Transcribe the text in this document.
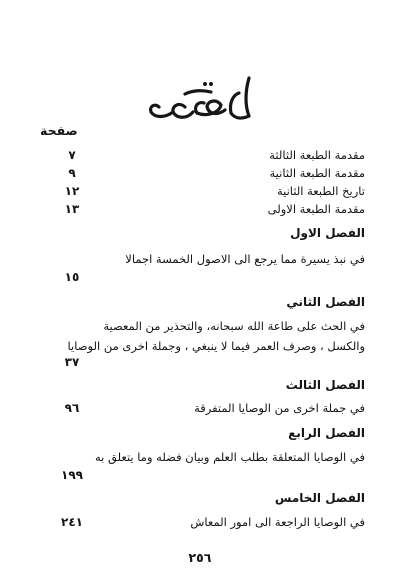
صفحة
مقدمة الطبعة الثالثة
٧
مقدمة الطبعة الثانية
٩
تاريخ الطبعة الثانية
١٢
مقدمة الطبعة الاولى
١٣
الفصل الاول
في نبذ يسيرة مما يرجع الى الاصول الخمسة اجمالا
١٥
الفصل الثاني
في الحث على طاعة الله سبحانه، والتحذير من المعصية والكسل ، وصرف العمر فيما لا ينبغي ، وجملة اخرى من الوصايا
٣٧
الفصل الثالث
في جملة اخرى من الوصايا المتفرقة
٩٦
الفصل الرابع
في الوصايا المتعلقة بطلب العلم وبيان فضله وما يتعلق به
١٩٩
الفصل الخامس
في الوصايا الراجعة الى امور المعاش
٢٤١
٢٥٦
